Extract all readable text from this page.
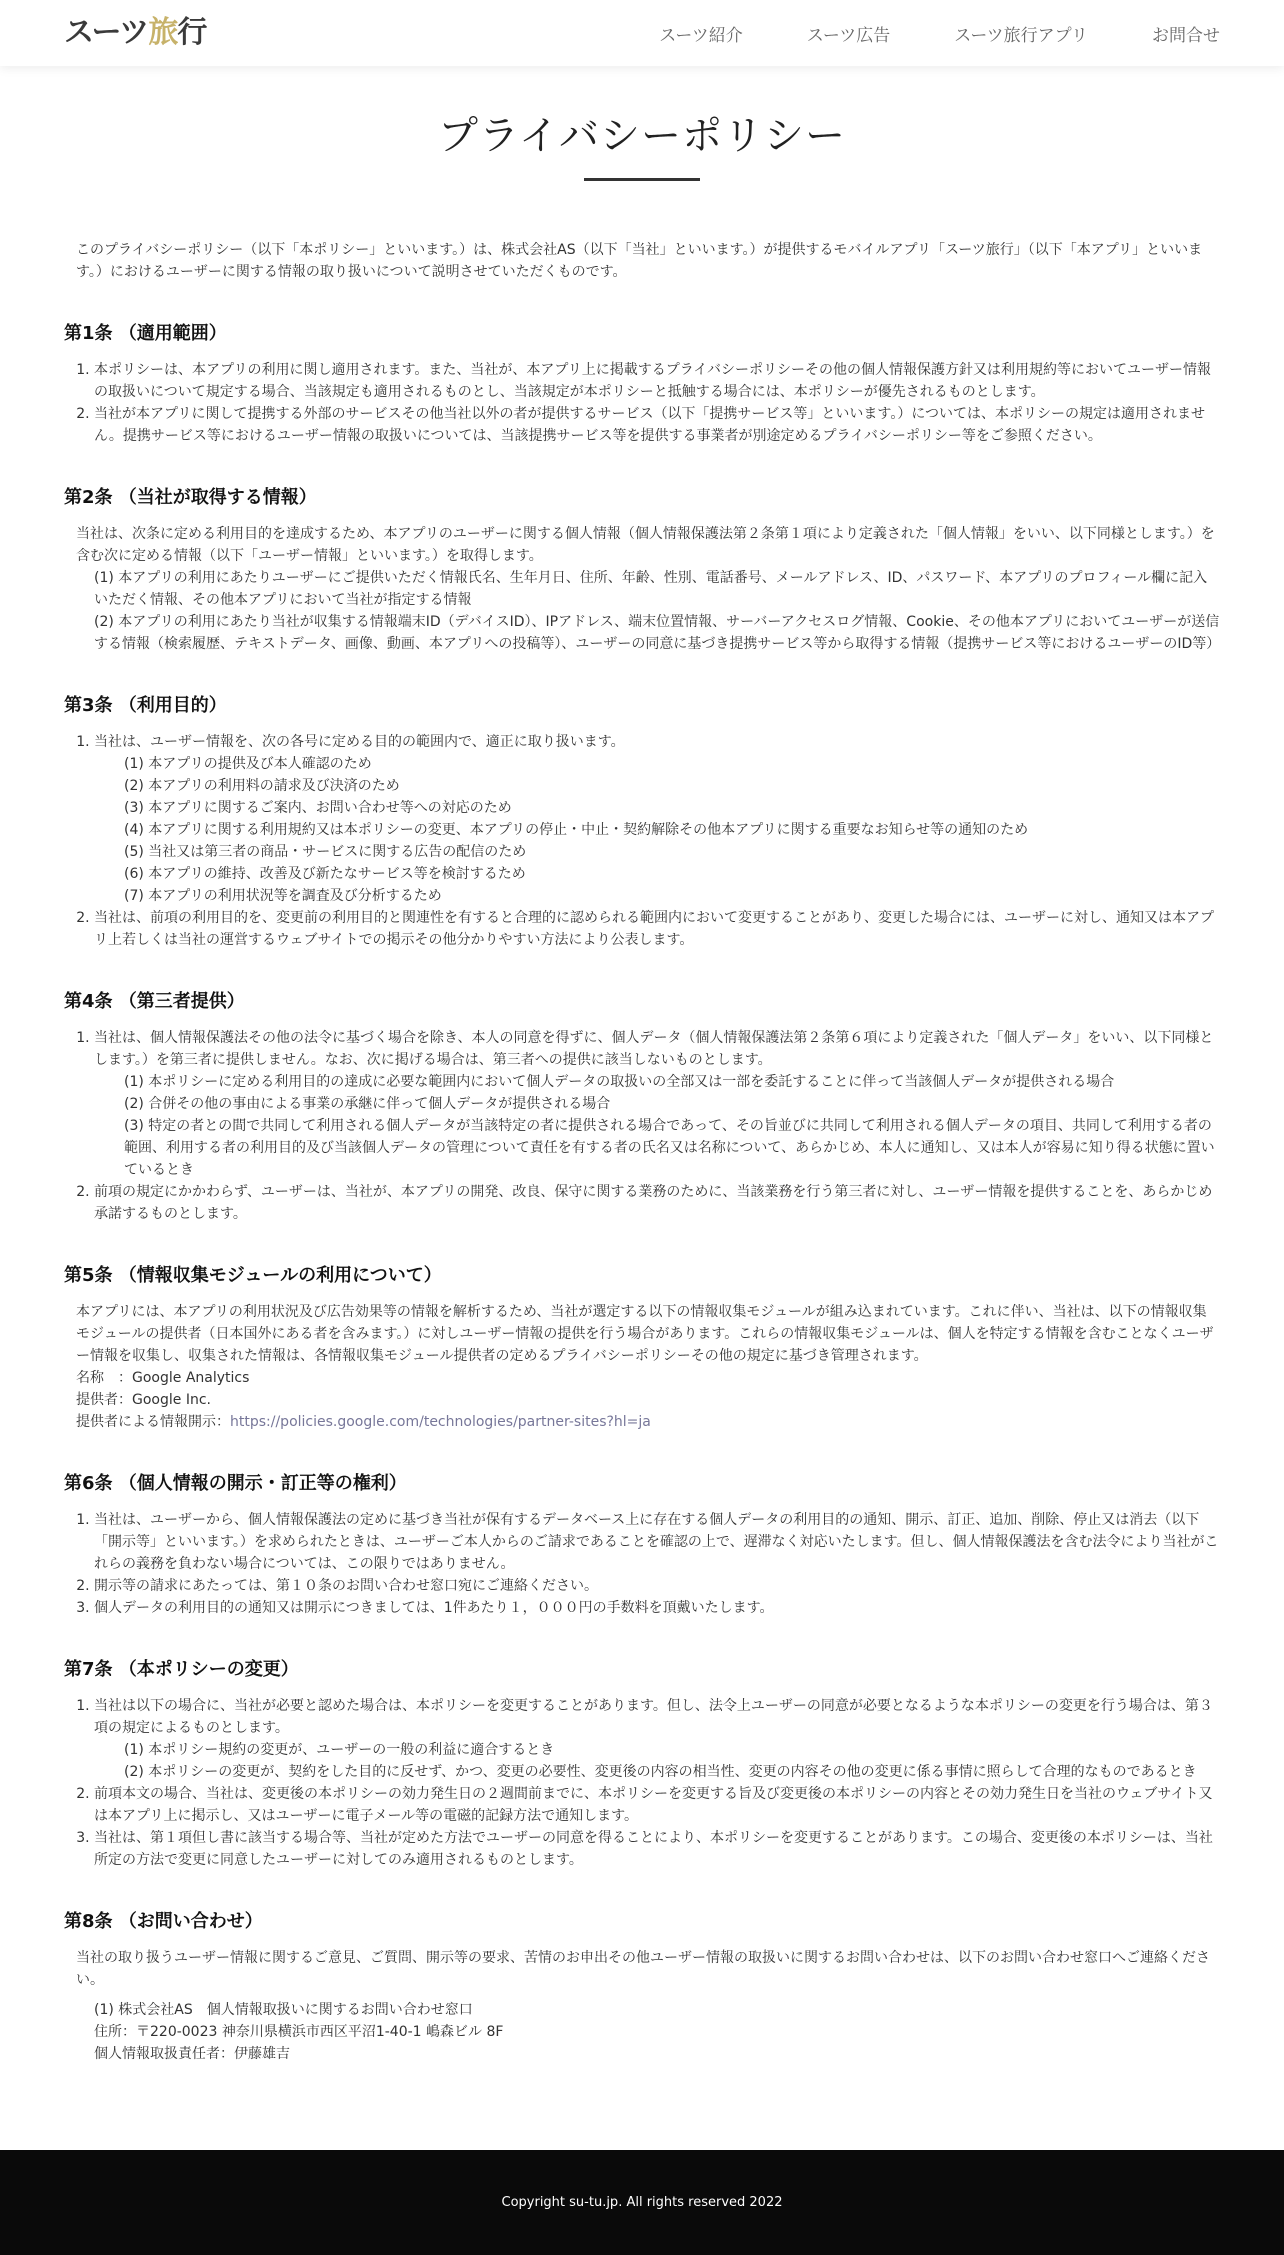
スーツ旅行	スーツ紹介	スーツ広告	スーツ旅行アプリ	お問合せ
プライバシーポリシー

このプライバシーポリシー（以下「本ポリシー」といいます。）は、株式会社AS（以下「当社」といいます。）が提供するモバイルアプリ「スーツ旅行」（以下「本アプリ」といいます。）におけるユーザーに関する情報の取り扱いについて説明させていただくものです。

第1条 （適用範囲）
1. 本ポリシーは、本アプリの利用に関し適用されます。また、当社が、本アプリ上に掲載するプライバシーポリシーその他の個人情報保護方針又は利用規約等においてユーザー情報の取扱いについて規定する場合、当該規定も適用されるものとし、当該規定が本ポリシーと抵触する場合には、本ポリシーが優先されるものとします。
2. 当社が本アプリに関して提携する外部のサービスその他当社以外の者が提供するサービス（以下「提携サービス等」といいます。）については、本ポリシーの規定は適用されません。提携サービス等におけるユーザー情報の取扱いについては、当該提携サービス等を提供する事業者が別途定めるプライバシーポリシー等をご参照ください。
第2条 （当社が取得する情報）

当社は、次条に定める利用目的を達成するため、本アプリのユーザーに関する個人情報（個人情報保護法第２条第１項により定義された「個人情報」をいい、以下同様とします。）を含む次に定める情報（以下「ユーザー情報」といいます。）を取得します。

(1) 本アプリの利用にあたりユーザーにご提供いただく情報氏名、生年月日、住所、年齢、性別、電話番号、メールアドレス、ID、パスワード、本アプリのプロフィール欄に記入いただく情報、その他本アプリにおいて当社が指定する情報
(2) 本アプリの利用にあたり当社が収集する情報端末ID（デバイスID）、IPアドレス、端末位置情報、サーバーアクセスログ情報、Cookie、その他本アプリにおいてユーザーが送信する情報（検索履歴、テキストデータ、画像、動画、本アプリへの投稿等）、ユーザーの同意に基づき提携サービス等から取得する情報（提携サービス等におけるユーザーのID等）
第3条 （利用目的）
1. 当社は、ユーザー情報を、次の各号に定める目的の範囲内で、適正に取り扱います。
(1) 本アプリの提供及び本人確認のため
(2) 本アプリの利用料の請求及び決済のため
(3) 本アプリに関するご案内、お問い合わせ等への対応のため
(4) 本アプリに関する利用規約又は本ポリシーの変更、本アプリの停止・中止・契約解除その他本アプリに関する重要なお知らせ等の通知のため
(5) 当社又は第三者の商品・サービスに関する広告の配信のため
(6) 本アプリの維持、改善及び新たなサービス等を検討するため
(7) 本アプリの利用状況等を調査及び分析するため
2. 当社は、前項の利用目的を、変更前の利用目的と関連性を有すると合理的に認められる範囲内において変更することがあり、変更した場合には、ユーザーに対し、通知又は本アプリ上若しくは当社の運営するウェブサイトでの掲示その他分かりやすい方法により公表します。
第4条 （第三者提供）
1. 当社は、個人情報保護法その他の法令に基づく場合を除き、本人の同意を得ずに、個人データ（個人情報保護法第２条第６項により定義された「個人データ」をいい、以下同様とします。）を第三者に提供しません。なお、次に掲げる場合は、第三者への提供に該当しないものとします。
(1) 本ポリシーに定める利用目的の達成に必要な範囲内において個人データの取扱いの全部又は一部を委託することに伴って当該個人データが提供される場合
(2) 合併その他の事由による事業の承継に伴って個人データが提供される場合
(3) 特定の者との間で共同して利用される個人データが当該特定の者に提供される場合であって、その旨並びに共同して利用される個人データの項目、共同して利用する者の範囲、利用する者の利用目的及び当該個人データの管理について責任を有する者の氏名又は名称について、あらかじめ、本人に通知し、又は本人が容易に知り得る状態に置いているとき
2. 前項の規定にかかわらず、ユーザーは、当社が、本アプリの開発、改良、保守に関する業務のために、当該業務を行う第三者に対し、ユーザー情報を提供することを、あらかじめ承諾するものとします。
第5条 （情報収集モジュールの利用について）

本アプリには、本アプリの利用状況及び広告効果等の情報を解析するため、当社が選定する以下の情報収集モジュールが組み込まれています。これに伴い、当社は、以下の情報収集モジュールの提供者（日本国外にある者を含みます。）に対しユーザー情報の提供を行う場合があります。これらの情報収集モジュールは、個人を特定する情報を含むことなくユーザー情報を収集し、収集された情報は、各情報収集モジュール提供者の定めるプライバシーポリシーその他の規定に基づき管理されます。

名称　：Google Analytics
提供者：Google Inc.
提供者による情報開示：https://policies.google.com/technologies/partner-sites?hl=ja
第6条 （個人情報の開示・訂正等の権利）
1. 当社は、ユーザーから、個人情報保護法の定めに基づき当社が保有するデータベース上に存在する個人データの利用目的の通知、開示、訂正、追加、削除、停止又は消去（以下「開示等」といいます。）を求められたときは、ユーザーご本人からのご請求であることを確認の上で、遅滞なく対応いたします。但し、個人情報保護法を含む法令により当社がこれらの義務を負わない場合については、この限りではありません。
2. 開示等の請求にあたっては、第１０条のお問い合わせ窓口宛にご連絡ください。
3. 個人データの利用目的の通知又は開示につきましては、1件あたり１，０００円の手数料を頂戴いたします。
第7条 （本ポリシーの変更）
1. 当社は以下の場合に、当社が必要と認めた場合は、本ポリシーを変更することがあります。但し、法令上ユーザーの同意が必要となるような本ポリシーの変更を行う場合は、第３項の規定によるものとします。
(1) 本ポリシー規約の変更が、ユーザーの一般の利益に適合するとき
(2) 本ポリシーの変更が、契約をした目的に反せず、かつ、変更の必要性、変更後の内容の相当性、変更の内容その他の変更に係る事情に照らして合理的なものであるとき
2. 前項本文の場合、当社は、変更後の本ポリシーの効力発生日の２週間前までに、本ポリシーを変更する旨及び変更後の本ポリシーの内容とその効力発生日を当社のウェブサイト又は本アプリ上に掲示し、又はユーザーに電子メール等の電磁的記録方法で通知します。
3. 当社は、第１項但し書に該当する場合等、当社が定めた方法でユーザーの同意を得ることにより、本ポリシーを変更することがあります。この場合、変更後の本ポリシーは、当社所定の方法で変更に同意したユーザーに対してのみ適用されるものとします。
第8条 （お問い合わせ）

当社の取り扱うユーザー情報に関するご意見、ご質問、開示等の要求、苦情のお申出その他ユーザー情報の取扱いに関するお問い合わせは、以下のお問い合わせ窓口へご連絡ください。

(1) 株式会社AS　個人情報取扱いに関するお問い合わせ窓口
住所：〒220-0023 神奈川県横浜市西区平沼1-40-1 嶋森ビル 8F
個人情報取扱責任者：伊藤雄吉
Copyright su-tu.jp. All rights reserved 2022
